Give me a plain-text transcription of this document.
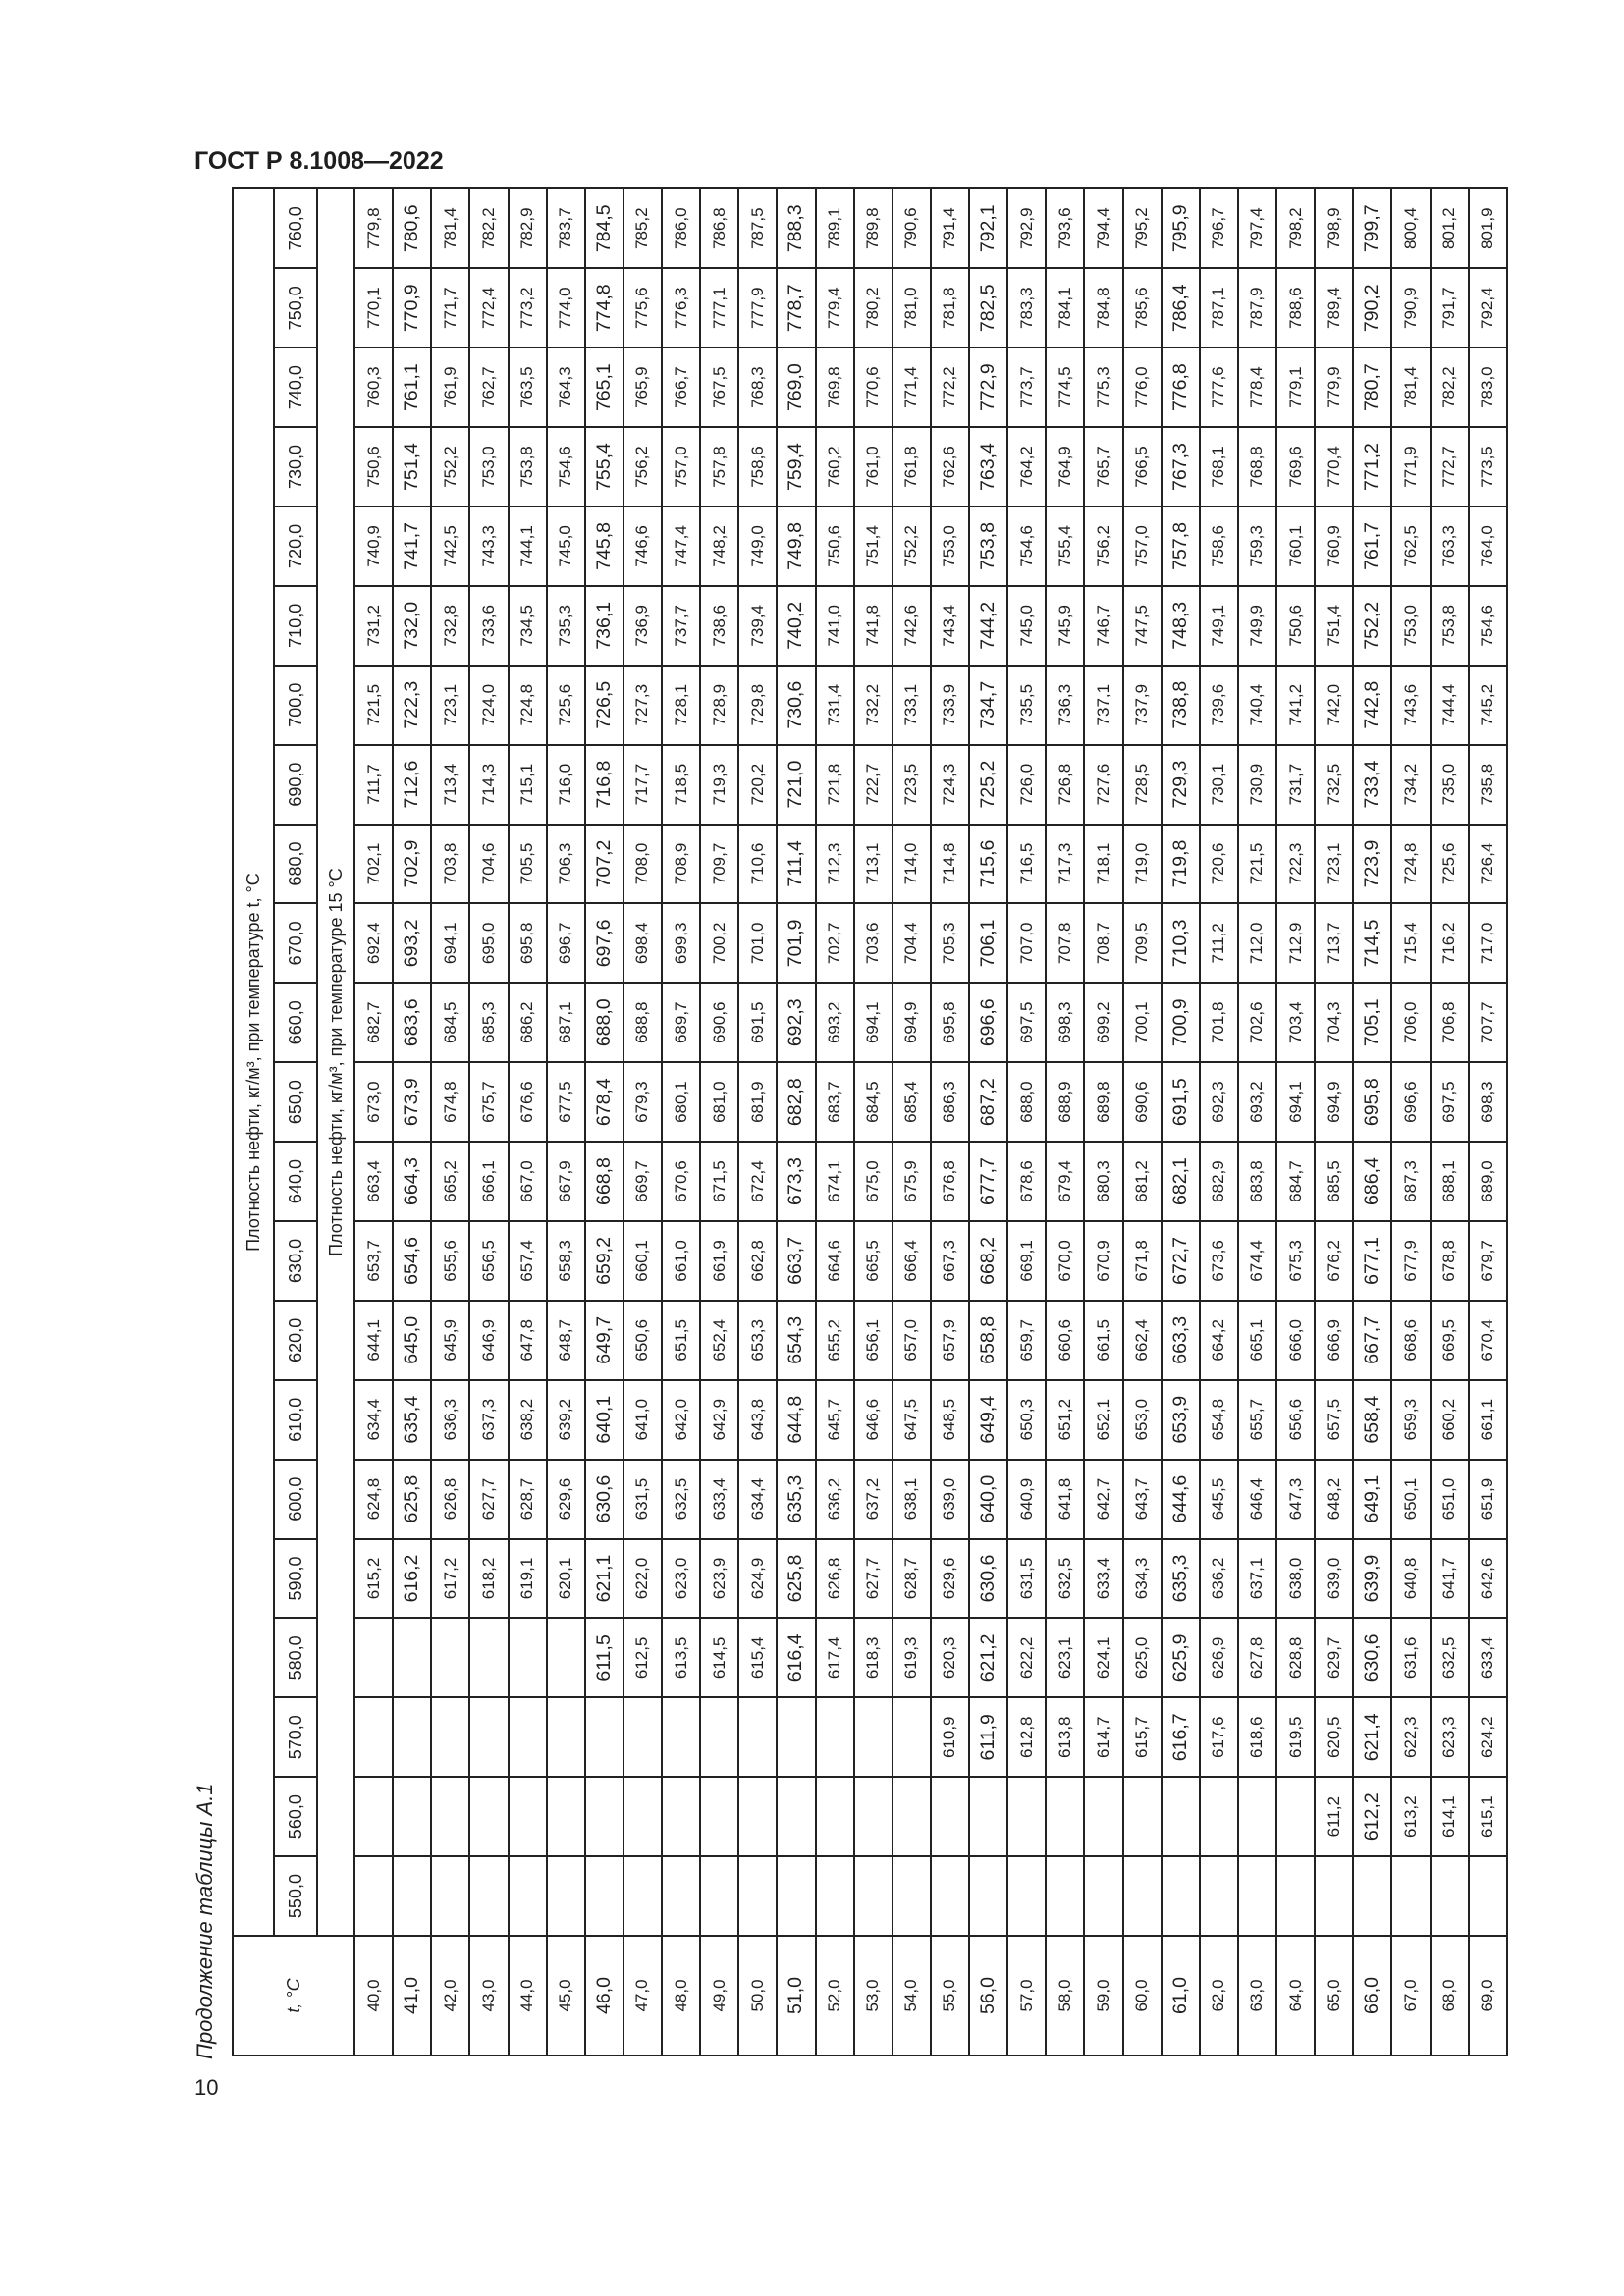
ГОСТ Р 8.1008—2022
Продолжение таблицы А.1
10
t, °C	Плотность нефти, кг/м³, при температуре t, °C																					
	550,0	560,0	570,0	580,0	590,0	600,0	610,0	620,0	630,0	640,0	650,0	660,0	670,0	680,0	690,0	700,0	710,0	720,0	730,0	740,0	750,0	760,0
	Плотность нефти, кг/м³, при температуре 15 °C																					
40,0					615,2	624,8	634,4	644,1	653,7	663,4	673,0	682,7	692,4	702,1	711,7	721,5	731,2	740,9	750,6	760,3	770,1	779,8
41,0					616,2	625,8	635,4	645,0	654,6	664,3	673,9	683,6	693,2	702,9	712,6	722,3	732,0	741,7	751,4	761,1	770,9	780,6
42,0					617,2	626,8	636,3	645,9	655,6	665,2	674,8	684,5	694,1	703,8	713,4	723,1	732,8	742,5	752,2	761,9	771,7	781,4
43,0					618,2	627,7	637,3	646,9	656,5	666,1	675,7	685,3	695,0	704,6	714,3	724,0	733,6	743,3	753,0	762,7	772,4	782,2
44,0					619,1	628,7	638,2	647,8	657,4	667,0	676,6	686,2	695,8	705,5	715,1	724,8	734,5	744,1	753,8	763,5	773,2	782,9
45,0					620,1	629,6	639,2	648,7	658,3	667,9	677,5	687,1	696,7	706,3	716,0	725,6	735,3	745,0	754,6	764,3	774,0	783,7
46,0				611,5	621,1	630,6	640,1	649,7	659,2	668,8	678,4	688,0	697,6	707,2	716,8	726,5	736,1	745,8	755,4	765,1	774,8	784,5
47,0				612,5	622,0	631,5	641,0	650,6	660,1	669,7	679,3	688,8	698,4	708,0	717,7	727,3	736,9	746,6	756,2	765,9	775,6	785,2
48,0				613,5	623,0	632,5	642,0	651,5	661,0	670,6	680,1	689,7	699,3	708,9	718,5	728,1	737,7	747,4	757,0	766,7	776,3	786,0
49,0				614,5	623,9	633,4	642,9	652,4	661,9	671,5	681,0	690,6	700,2	709,7	719,3	728,9	738,6	748,2	757,8	767,5	777,1	786,8
50,0				615,4	624,9	634,4	643,8	653,3	662,8	672,4	681,9	691,5	701,0	710,6	720,2	729,8	739,4	749,0	758,6	768,3	777,9	787,5
51,0				616,4	625,8	635,3	644,8	654,3	663,7	673,3	682,8	692,3	701,9	711,4	721,0	730,6	740,2	749,8	759,4	769,0	778,7	788,3
52,0				617,4	626,8	636,2	645,7	655,2	664,6	674,1	683,7	693,2	702,7	712,3	721,8	731,4	741,0	750,6	760,2	769,8	779,4	789,1
53,0				618,3	627,7	637,2	646,6	656,1	665,5	675,0	684,5	694,1	703,6	713,1	722,7	732,2	741,8	751,4	761,0	770,6	780,2	789,8
54,0				619,3	628,7	638,1	647,5	657,0	666,4	675,9	685,4	694,9	704,4	714,0	723,5	733,1	742,6	752,2	761,8	771,4	781,0	790,6
55,0			610,9	620,3	629,6	639,0	648,5	657,9	667,3	676,8	686,3	695,8	705,3	714,8	724,3	733,9	743,4	753,0	762,6	772,2	781,8	791,4
56,0			611,9	621,2	630,6	640,0	649,4	658,8	668,2	677,7	687,2	696,6	706,1	715,6	725,2	734,7	744,2	753,8	763,4	772,9	782,5	792,1
57,0			612,8	622,2	631,5	640,9	650,3	659,7	669,1	678,6	688,0	697,5	707,0	716,5	726,0	735,5	745,0	754,6	764,2	773,7	783,3	792,9
58,0			613,8	623,1	632,5	641,8	651,2	660,6	670,0	679,4	688,9	698,3	707,8	717,3	726,8	736,3	745,9	755,4	764,9	774,5	784,1	793,6
59,0			614,7	624,1	633,4	642,7	652,1	661,5	670,9	680,3	689,8	699,2	708,7	718,1	727,6	737,1	746,7	756,2	765,7	775,3	784,8	794,4
60,0			615,7	625,0	634,3	643,7	653,0	662,4	671,8	681,2	690,6	700,1	709,5	719,0	728,5	737,9	747,5	757,0	766,5	776,0	785,6	795,2
61,0			616,7	625,9	635,3	644,6	653,9	663,3	672,7	682,1	691,5	700,9	710,3	719,8	729,3	738,8	748,3	757,8	767,3	776,8	786,4	795,9
62,0			617,6	626,9	636,2	645,5	654,8	664,2	673,6	682,9	692,3	701,8	711,2	720,6	730,1	739,6	749,1	758,6	768,1	777,6	787,1	796,7
63,0			618,6	627,8	637,1	646,4	655,7	665,1	674,4	683,8	693,2	702,6	712,0	721,5	730,9	740,4	749,9	759,3	768,8	778,4	787,9	797,4
64,0			619,5	628,8	638,0	647,3	656,6	666,0	675,3	684,7	694,1	703,4	712,9	722,3	731,7	741,2	750,6	760,1	769,6	779,1	788,6	798,2
65,0		611,2	620,5	629,7	639,0	648,2	657,5	666,9	676,2	685,5	694,9	704,3	713,7	723,1	732,5	742,0	751,4	760,9	770,4	779,9	789,4	798,9
66,0		612,2	621,4	630,6	639,9	649,1	658,4	667,7	677,1	686,4	695,8	705,1	714,5	723,9	733,4	742,8	752,2	761,7	771,2	780,7	790,2	799,7
67,0		613,2	622,3	631,6	640,8	650,1	659,3	668,6	677,9	687,3	696,6	706,0	715,4	724,8	734,2	743,6	753,0	762,5	771,9	781,4	790,9	800,4
68,0		614,1	623,3	632,5	641,7	651,0	660,2	669,5	678,8	688,1	697,5	706,8	716,2	725,6	735,0	744,4	753,8	763,3	772,7	782,2	791,7	801,2
69,0		615,1	624,2	633,4	642,6	651,9	661,1	670,4	679,7	689,0	698,3	707,7	717,0	726,4	735,8	745,2	754,6	764,0	773,5	783,0	792,4	801,9
